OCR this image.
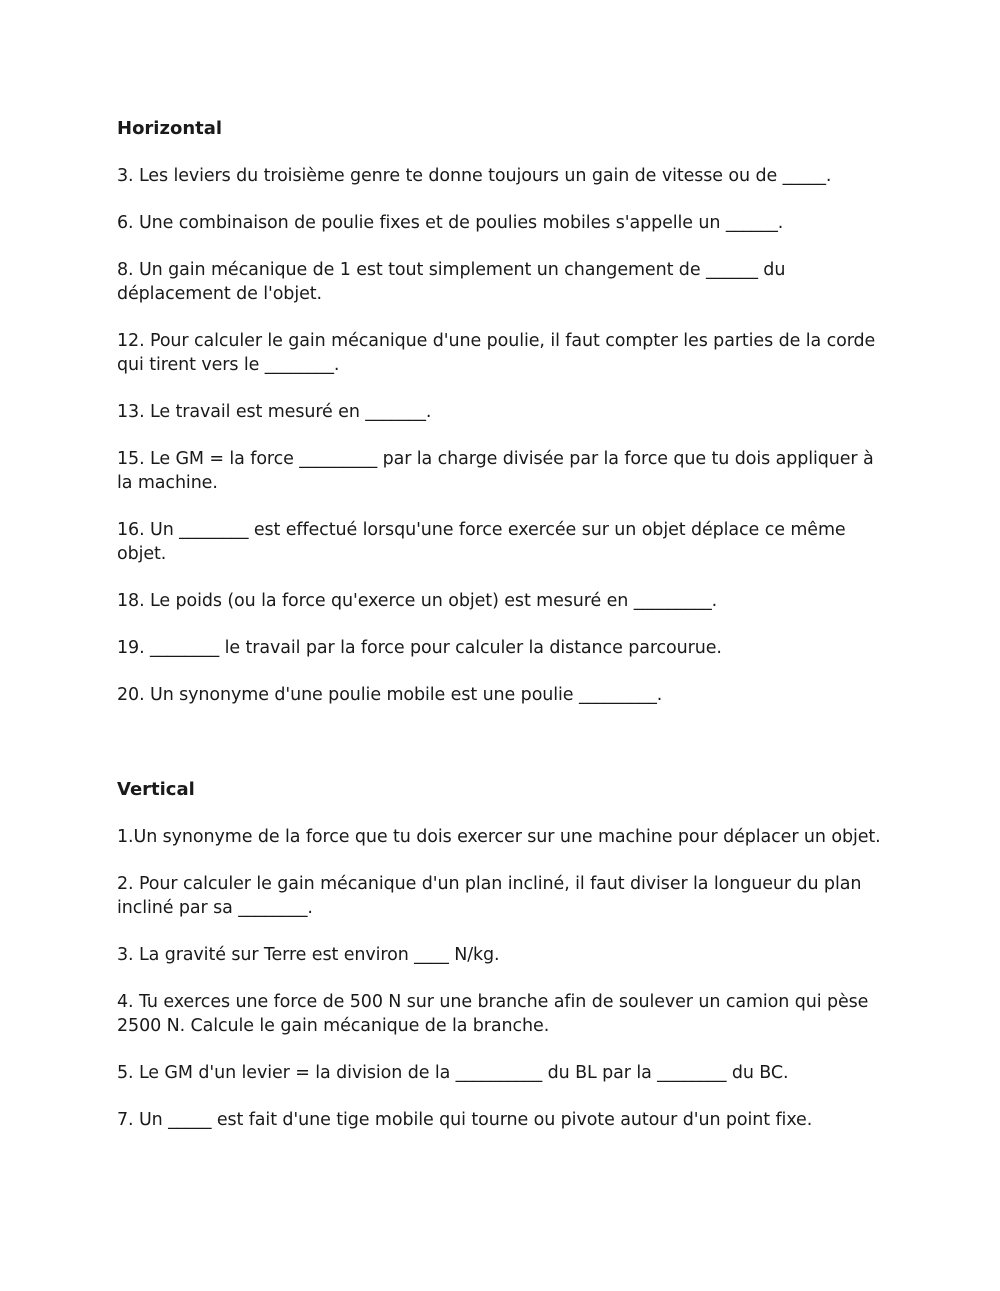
Horizontal

3. Les leviers du troisième genre te donne toujours un gain de vitesse ou de _____.

6. Une combinaison de poulie fixes et de poulies mobiles s'appelle un ______.

8. Un gain mécanique de 1 est tout simplement un changement de ______ du déplacement de l'objet.

12. Pour calculer le gain mécanique d'une poulie, il faut compter les parties de la corde qui tirent vers le ________.

13. Le travail est mesuré en _______.

15. Le GM = la force _________ par la charge divisée par la force que tu dois appliquer à la machine.

16. Un ________ est effectué lorsqu'une force exercée sur un objet déplace ce même objet.

18. Le poids (ou la force qu'exerce un objet) est mesuré en _________.

19. ________ le travail par la force pour calculer la distance parcourue.

20. Un synonyme d'une poulie mobile est une poulie _________.

Vertical

1.Un synonyme de la force que tu dois exercer sur une machine pour déplacer un objet.

2. Pour calculer le gain mécanique d'un plan incliné, il faut diviser la longueur du plan incliné par sa ________.

3. La gravité sur Terre est environ ____ N/kg.

4. Tu exerces une force de 500 N sur une branche afin de soulever un camion qui pèse 2500 N. Calcule le gain mécanique de la branche.

5. Le GM d'un levier = la division de la __________ du BL par la ________ du BC.

7. Un _____ est fait d'une tige mobile qui tourne ou pivote autour d'un point fixe.
